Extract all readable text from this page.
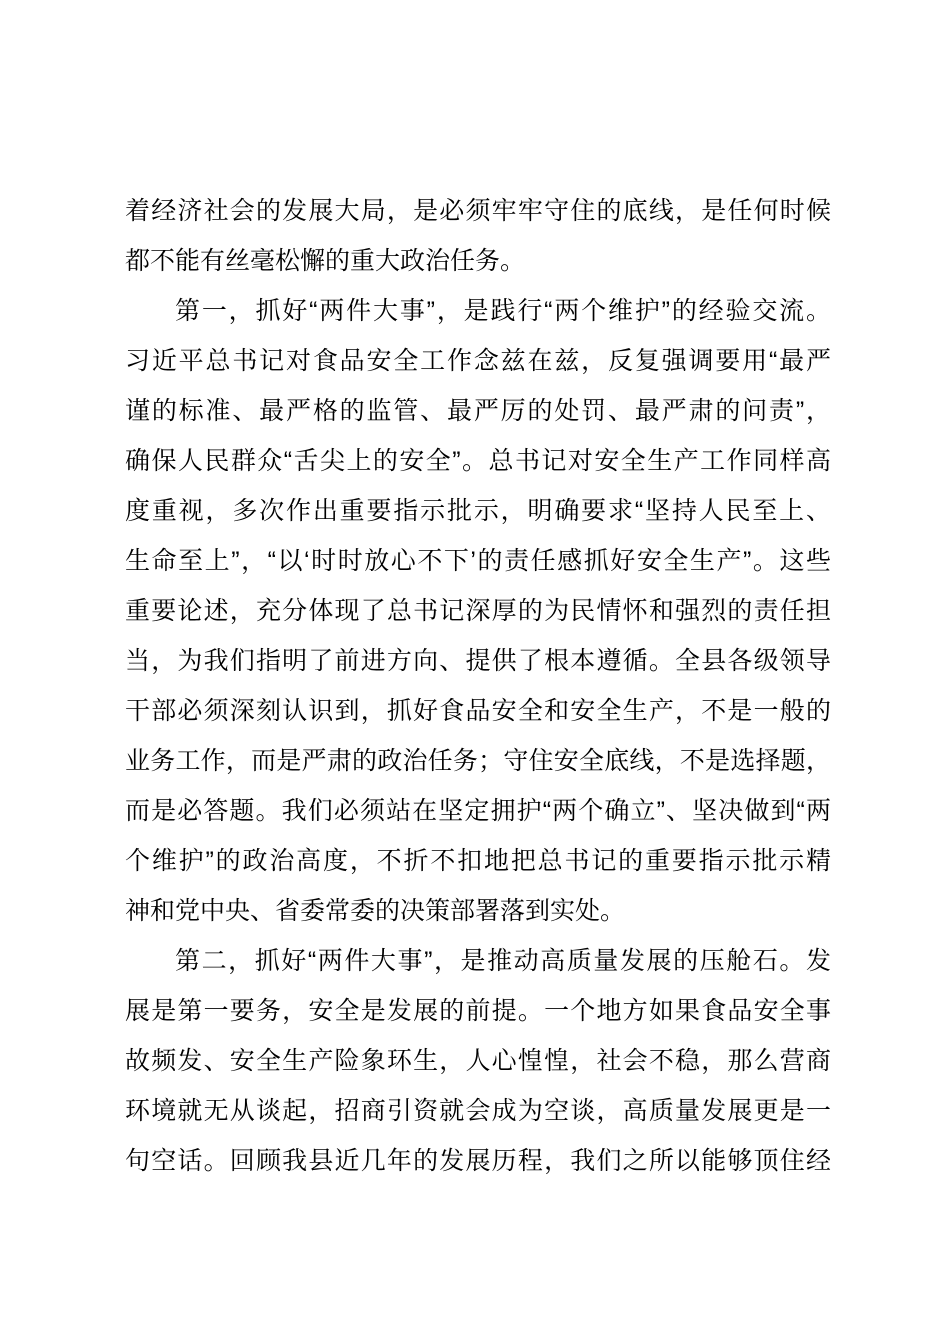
着经济社会的发展大局，是必须牢牢守住的底线，是任何时候
都不能有丝毫松懈的重大政治任务。
第一，抓好“两件大事”，是践行“两个维护”的经验交流。
习近平总书记对食品安全工作念兹在兹，反复强调要用“最严
谨的标准、最严格的监管、最严厉的处罚、最严肃的问责”，
确保人民群众“舌尖上的安全”。总书记对安全生产工作同样高
度重视，多次作出重要指示批示，明确要求“坚持人民至上、
生命至上”，“以‘时时放心不下’的责任感抓好安全生产”。这些
重要论述，充分体现了总书记深厚的为民情怀和强烈的责任担
当，为我们指明了前进方向、提供了根本遵循。全县各级领导
干部必须深刻认识到，抓好食品安全和安全生产，不是一般的
业务工作，而是严肃的政治任务；守住安全底线，不是选择题，
而是必答题。我们必须站在坚定拥护“两个确立”、坚决做到“两
个维护”的政治高度，不折不扣地把总书记的重要指示批示精
神和党中央、省委常委的决策部署落到实处。
第二，抓好“两件大事”，是推动高质量发展的压舱石。发
展是第一要务，安全是发展的前提。一个地方如果食品安全事
故频发、安全生产险象环生，人心惶惶，社会不稳，那么营商
环境就无从谈起，招商引资就会成为空谈，高质量发展更是一
句空话。回顾我县近几年的发展历程，我们之所以能够顶住经
